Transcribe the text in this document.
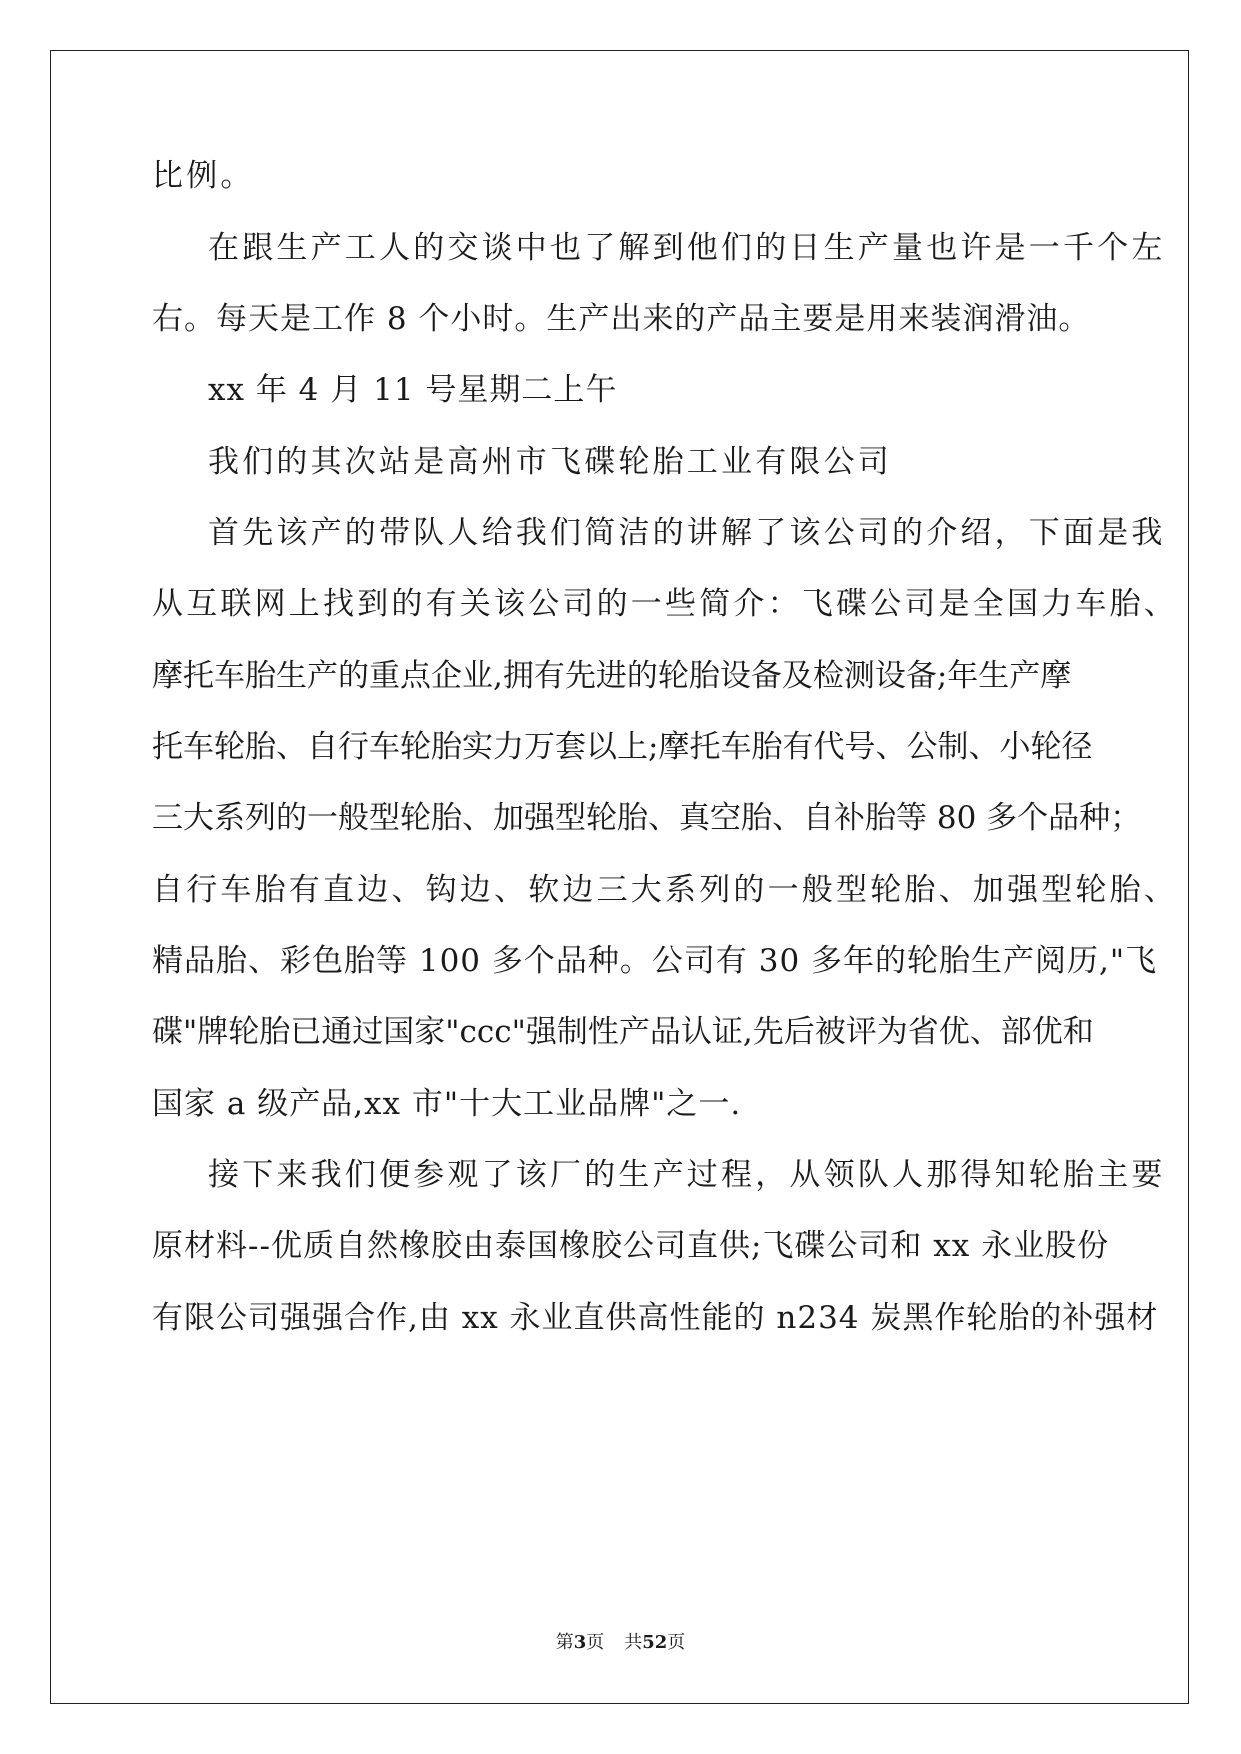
比例。
在跟生产工人的交谈中也了解到他们的日生产量也许是一千个左
右。每天是工作 8 个小时。生产出来的产品主要是用来装润滑油。
xx 年 4 月 11 号星期二上午
我们的其次站是高州市飞碟轮胎工业有限公司
首先该产的带队人给我们简洁的讲解了该公司的介绍，下面是我
从互联网上找到的有关该公司的一些简介：飞碟公司是全国力车胎、
摩托车胎生产的重点企业,拥有先进的轮胎设备及检测设备;年生产摩
托车轮胎、自行车轮胎实力万套以上;摩托车胎有代号、公制、小轮径
三大系列的一般型轮胎、加强型轮胎、真空胎、自补胎等 80 多个品种；
自行车胎有直边、钩边、软边三大系列的一般型轮胎、加强型轮胎、
精品胎、彩色胎等 100 多个品种。公司有 30 多年的轮胎生产阅历,"飞
碟"牌轮胎已通过国家"ccc"强制性产品认证,先后被评为省优、部优和
国家 a 级产品,xx 市"十大工业品牌"之一.
接下来我们便参观了该厂的生产过程，从领队人那得知轮胎主要
原材料--优质自然橡胶由泰国橡胶公司直供;飞碟公司和 xx 永业股份
有限公司强强合作,由 xx 永业直供高性能的 n234 炭黑作轮胎的补强材
第3页 共52页
